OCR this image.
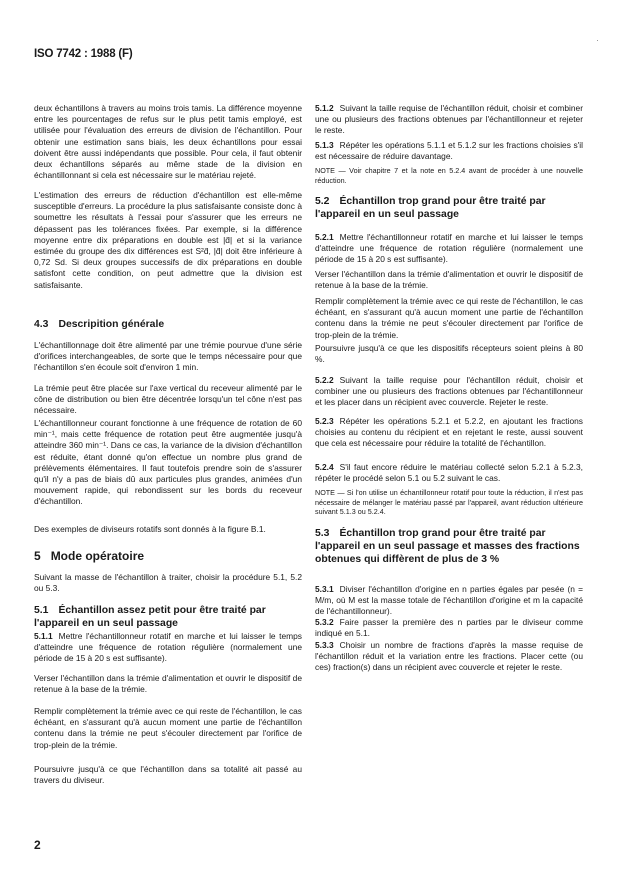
ISO 7742 : 1988 (F)
deux échantillons à travers au moins trois tamis. La différence moyenne entre les pourcentages de refus sur le plus petit tamis employé, est utilisée pour l'évaluation des erreurs de division de l'échantillon. Pour obtenir une estimation sans biais, les deux échantillons pour essai doivent être aussi indépendants que possible. Pour cela, il faut obtenir deux échantillons séparés au même stade de la division en échantillonnant si cela est nécessaire sur le matériau rejeté.
L'estimation des erreurs de réduction d'échantillon est elle-même susceptible d'erreurs. La procédure la plus satisfaisante consiste donc à soumettre les résultats à l'essai pour s'assurer que les erreurs ne dépassent pas les tolérances fixées. Par exemple, si la différence moyenne entre dix préparations en double est |d̄| et si la variance estimée du groupe des dix différences est S²d̄, |d̄| doit être inférieure à 0,72 Sd. Si deux groupes successifs de dix préparations en double satisfont cette condition, on peut admettre que la division est satisfaisante.
4.3 Descripition générale
L'échantillonnage doit être alimenté par une trémie pourvue d'une série d'orifices interchangeables, de sorte que le temps nécessaire pour que l'échantillon s'en écoule soit d'environ 1 min.
La trémie peut être placée sur l'axe vertical du receveur alimenté par le cône de distribution ou bien être décentrée lorsqu'un tel cône n'est pas nécessaire.
L'échantillonneur courant fonctionne à une fréquence de rotation de 60 min⁻¹, mais cette fréquence de rotation peut être augmentée jusqu'à atteindre 360 min⁻¹. Dans ce cas, la variance de la division d'échantillon est réduite, étant donné qu'on effectue un nombre plus grand de prélèvements élémentaires. Il faut toutefois prendre soin de s'assurer qu'il n'y a pas de biais dû aux particules plus grandes, animées d'un mouvement rapide, qui rebondissent sur les bords du receveur d'échantillon.
Des exemples de diviseurs rotatifs sont donnés à la figure B.1.
5 Mode opératoire
Suivant la masse de l'échantillon à traiter, choisir la procédure 5.1, 5.2 ou 5.3.
5.1 Échantillon assez petit pour être traité par l'appareil en un seul passage
5.1.1 Mettre l'échantillonneur rotatif en marche et lui laisser le temps d'atteindre une fréquence de rotation régulière (normalement une période de 15 à 20 s est suffisante).
Verser l'échantillon dans la trémie d'alimentation et ouvrir le dispositif de retenue à la base de la trémie.
Remplir complètement la trémie avec ce qui reste de l'échantillon, le cas échéant, en s'assurant qu'à aucun moment une partie de l'échantillon contenu dans la trémie ne peut s'écouler directement par l'orifice de trop-plein de la trémie.
Poursuivre jusqu'à ce que l'échantillon dans sa totalité ait passé au travers du diviseur.
5.1.2 Suivant la taille requise de l'échantillon réduit, choisir et combiner une ou plusieurs des fractions obtenues par l'échantillonneur et rejeter le reste.
5.1.3 Répéter les opérations 5.1.1 et 5.1.2 sur les fractions choisies s'il est nécessaire de réduire davantage.
NOTE — Voir chapitre 7 et la note en 5.2.4 avant de procéder à une nouvelle réduction.
5.2 Échantillon trop grand pour être traité par l'appareil en un seul passage
5.2.1 Mettre l'échantillonneur rotatif en marche et lui laisser le temps d'atteindre une fréquence de rotation régulière (normalement une période de 15 à 20 s est suffisante).
Verser l'échantillon dans la trémie d'alimentation et ouvrir le dispositif de retenue à la base de la trémie.
Remplir complètement la trémie avec ce qui reste de l'échantillon, le cas échéant, en s'assurant qu'à aucun moment une partie de l'échantillon contenu dans la trémie ne peut s'écouler directement par l'orifice de trop-plein de la trémie.
Poursuivre jusqu'à ce que les dispositifs récepteurs soient pleins à 80 %.
5.2.2 Suivant la taille requise pour l'échantillon réduit, choisir et combiner une ou plusieurs des fractions obtenues par l'échantillonneur et les placer dans un récipient avec couvercle. Rejeter le reste.
5.2.3 Répéter les opérations 5.2.1 et 5.2.2, en ajoutant les fractions choisies au contenu du récipient et en rejetant le reste, aussi souvent que cela est nécessaire pour réduire la totalité de l'échantillon.
5.2.4 S'il faut encore réduire le matériau collecté selon 5.2.1 à 5.2.3, répéter le procédé selon 5.1 ou 5.2 suivant le cas.
NOTE — Si l'on utilise un échantillonneur rotatif pour toute la réduction, il n'est pas nécessaire de mélanger le matériau passé par l'appareil, avant réduction ultérieure suivant 5.1.3 ou 5.2.4.
5.3 Échantillon trop grand pour être traité par l'appareil en un seul passage et masses des fractions obtenues qui diffèrent de plus de 3 %
5.3.1 Diviser l'échantillon d'origine en n parties égales par pesée (n = M/m, où M est la masse totale de l'échantillon d'origine et m la capacité de l'échantillonneur).
5.3.2 Faire passer la première des n parties par le diviseur comme indiqué en 5.1.
5.3.3 Choisir un nombre de fractions d'après la masse requise de l'échantillon réduit et la variation entre les fractions. Placer cette (ou ces) fraction(s) dans un récipient avec couvercle et rejeter le reste.
2
